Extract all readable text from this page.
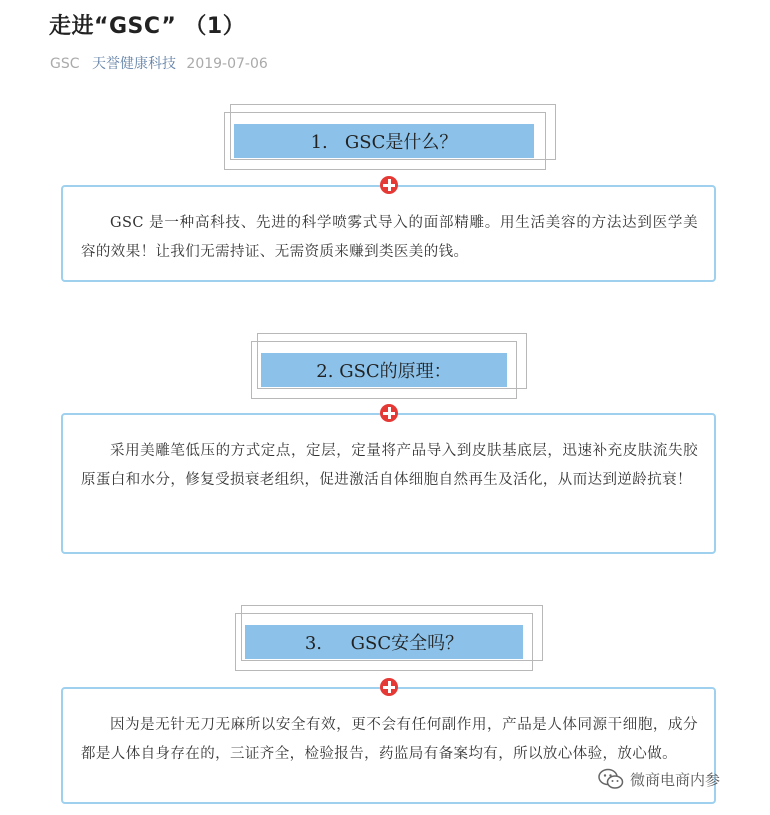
走进“GSC” （1）
GSC 天誉健康科技 2019-07-06
1.   GSC是什么？

GSC 是一种高科技、先进的科学喷雾式导入的面部精雕。用生活美容的方法达到医学美容的效果！让我们无需持证、无需资质来赚到类医美的钱。

2. GSC的原理：

采用美雕笔低压的方式定点，定层，定量将产品导入到皮肤基底层，迅速补充皮肤流失胶原蛋白和水分，修复受损衰老组织，促进激活自体细胞自然再生及活化，从而达到逆龄抗衰！

3.     GSC安全吗？

因为是无针无刀无麻所以安全有效，更不会有任何副作用，产品是人体同源干细胞，成分都是人体自身存在的，三证齐全，检验报告，药监局有备案均有，所以放心体验，放心做。

微商电商内参
